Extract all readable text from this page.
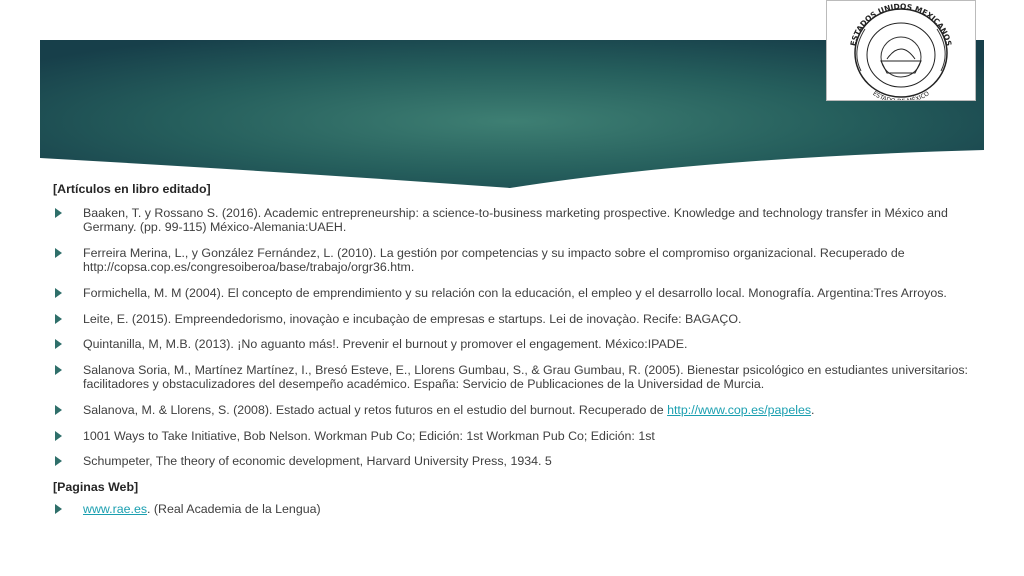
ESTADOS UNIDOS MEXICANOS
ESTA XICO
[Artículos en libro editado]
Baaken, T. y Rossano S. (2016). Academic entrepreneurship: a science-to-business marketing prospective. Knowledge and technology transfer in México and Germany. (pp. 99-115) México-Alemania:UAEH.
Ferreira Merina, L., y González Fernández, L. (2010). La gestión por competencias y su impacto sobre el compromiso organizacional. Recuperado de http://copsa.cop.es/congresoiberoa/base/trabajo/orgr36.htm.
Formichella, M. M (2004). El concepto de emprendimiento y su relación con la educación, el empleo y el desarrollo local. Monografía. Argentina:Tres Arroyos.
Leite, E. (2015). Empreendedorismo, inovaçào e incubaçào de empresas e startups. Lei de inovaçào. Recife: BAGAÇO.
Quintanilla, M, M.B. (2013). ¡No aguanto más!. Prevenir el burnout y promover el engagement. México:IPADE.
Salanova Soria, M., Martínez Martínez, I., Bresó Esteve, E., Llorens Gumbau, S., & Grau Gumbau, R. (2005). Bienestar psicológico en estudiantes universitarios: facilitadores y obstaculizadores del desempeño académico. España: Servicio de Publicaciones de la Universidad de Murcia.
Salanova, M. & Llorens, S. (2008). Estado actual y retos futuros en el estudio del burnout. Recuperado de http://www.cop.es/papeles.
1001 Ways to Take Initiative, Bob Nelson. Workman Pub Co; Edición: 1st Workman Pub Co; Edición: 1st
Schumpeter, The theory of economic development, Harvard University Press, 1934. 5
[Paginas Web]
www.rae.es. (Real Academia de la Lengua)
